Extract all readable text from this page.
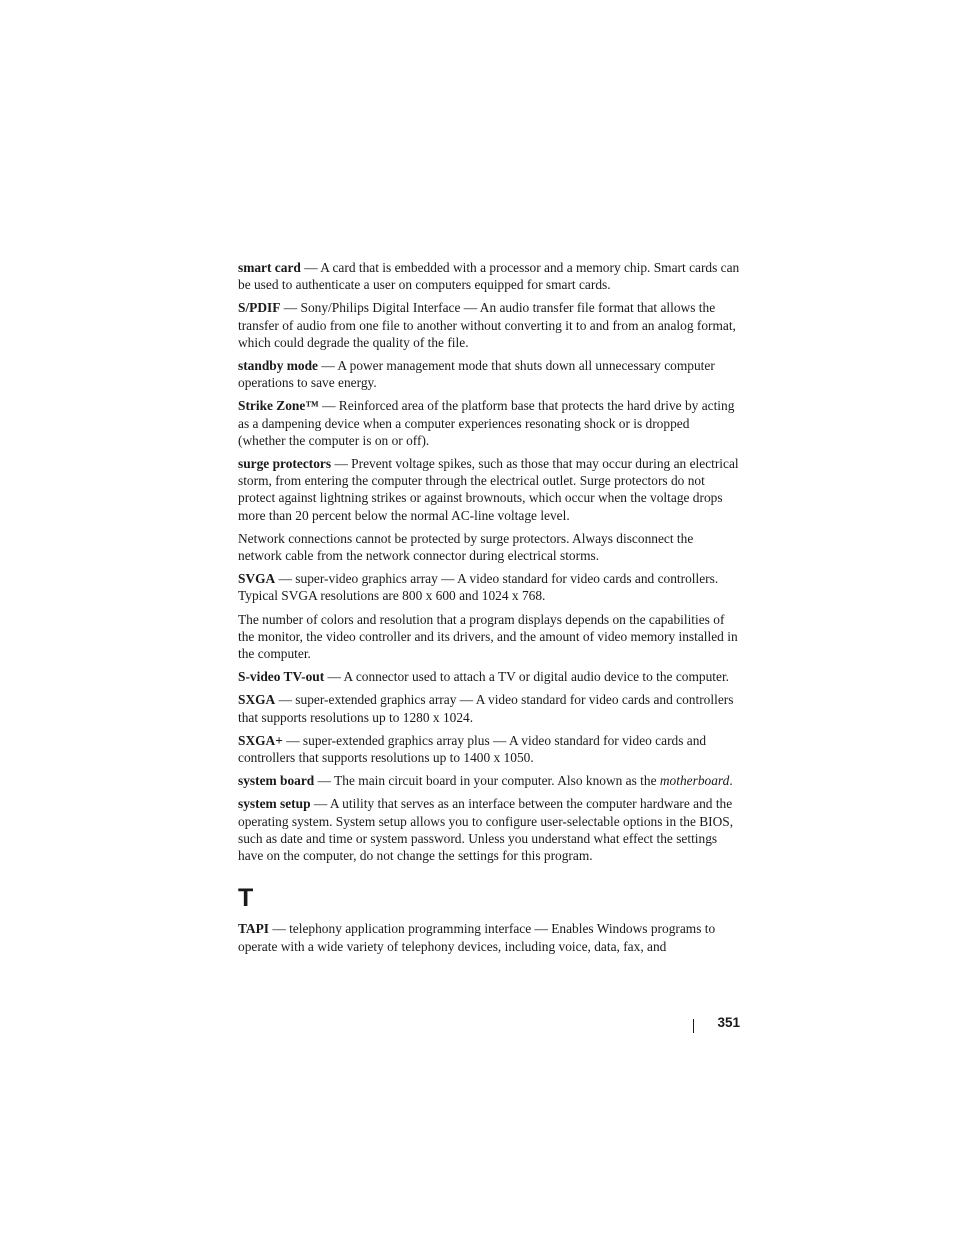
smart card — A card that is embedded with a processor and a memory chip. Smart cards can be used to authenticate a user on computers equipped for smart cards.

S/PDIF — Sony/Philips Digital Interface — An audio transfer file format that allows the transfer of audio from one file to another without converting it to and from an analog format, which could degrade the quality of the file.

standby mode — A power management mode that shuts down all unnecessary computer operations to save energy.

Strike Zone™ — Reinforced area of the platform base that protects the hard drive by acting as a dampening device when a computer experiences resonating shock or is dropped (whether the computer is on or off).

surge protectors — Prevent voltage spikes, such as those that may occur during an electrical storm, from entering the computer through the electrical outlet. Surge protectors do not protect against lightning strikes or against brownouts, which occur when the voltage drops more than 20 percent below the normal AC-line voltage level.

Network connections cannot be protected by surge protectors. Always disconnect the network cable from the network connector during electrical storms.

SVGA — super-video graphics array — A video standard for video cards and controllers. Typical SVGA resolutions are 800 x 600 and 1024 x 768.

The number of colors and resolution that a program displays depends on the capabilities of the monitor, the video controller and its drivers, and the amount of video memory installed in the computer.

S-video TV-out — A connector used to attach a TV or digital audio device to the computer.

SXGA — super-extended graphics array — A video standard for video cards and controllers that supports resolutions up to 1280 x 1024.

SXGA+ — super-extended graphics array plus — A video standard for video cards and controllers that supports resolutions up to 1400 x 1050.

system board — The main circuit board in your computer. Also known as the motherboard.

system setup — A utility that serves as an interface between the computer hardware and the operating system. System setup allows you to configure user-selectable options in the BIOS, such as date and time or system password. Unless you understand what effect the settings have on the computer, do not change the settings for this program.

T

TAPI — telephony application programming interface — Enables Windows programs to operate with a wide variety of telephony devices, including voice, data, fax, and

351
